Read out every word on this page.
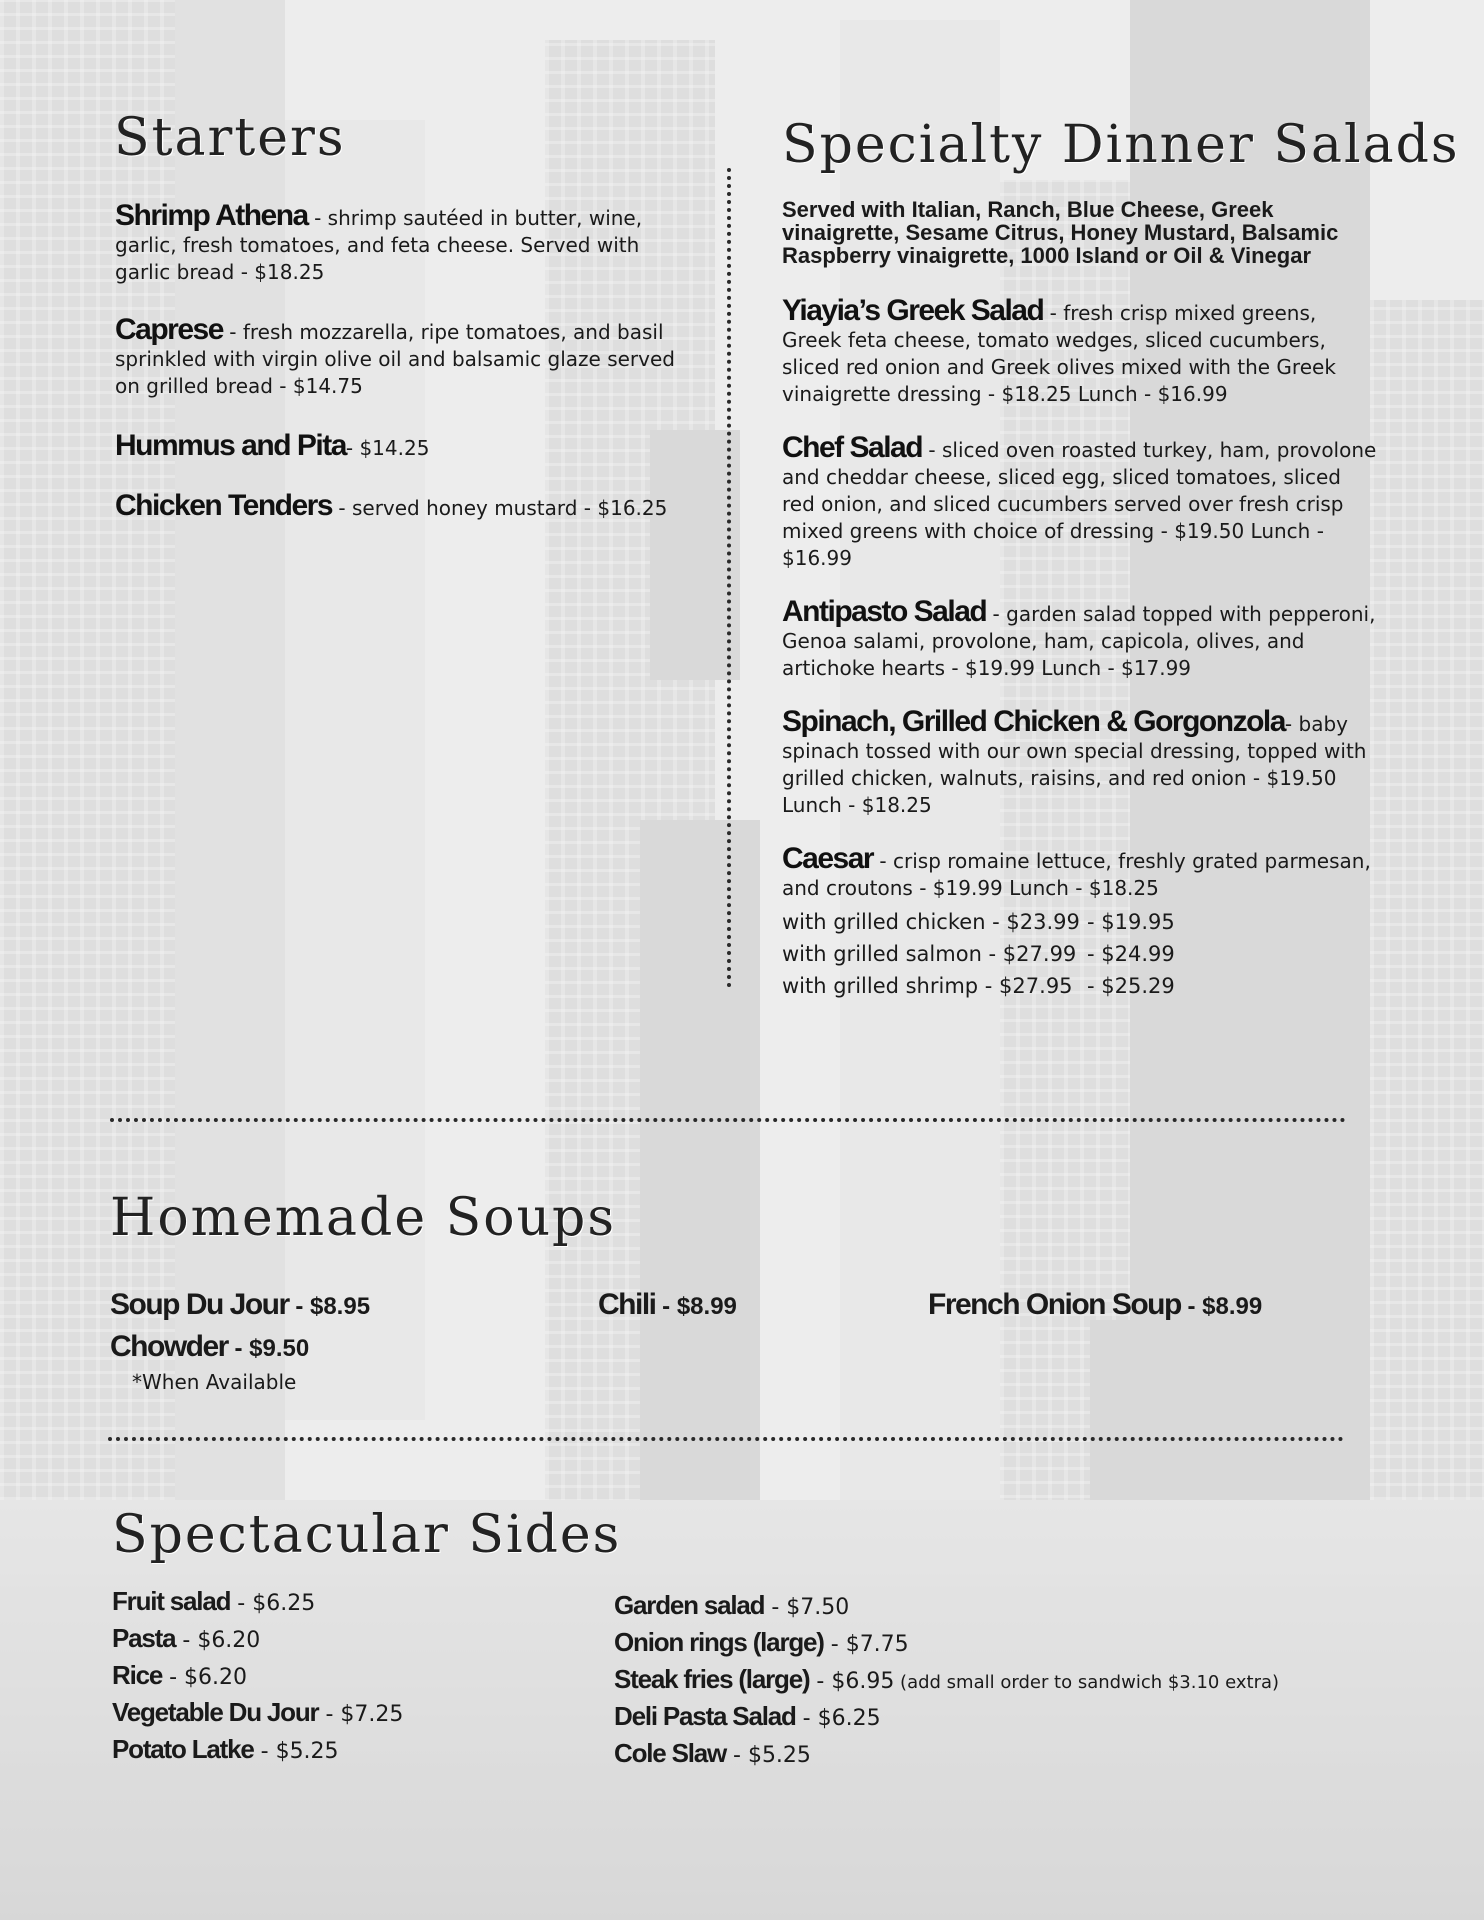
Starters

Shrimp Athena - shrimp sautéed in butter, wine, garlic, fresh tomatoes, and feta cheese. Served with garlic bread - $18.25

Caprese - fresh mozzarella, ripe tomatoes, and basil sprinkled with virgin olive oil and balsamic glaze served on grilled bread - $14.75

Hummus and Pita- $14.25

Chicken Tenders - served honey mustard - $16.25

Specialty Dinner Salads

Served with Italian, Ranch, Blue Cheese, Greek vinaigrette, Sesame Citrus, Honey Mustard, Balsamic Raspberry vinaigrette, 1000 Island or Oil & Vinegar

Yiayia’s Greek Salad - fresh crisp mixed greens, Greek feta cheese, tomato wedges, sliced cucumbers, sliced red onion and Greek olives mixed with the Greek vinaigrette dressing - $18.25 Lunch - $16.99

Chef Salad - sliced oven roasted turkey, ham, provolone and cheddar cheese, sliced egg, sliced tomatoes, sliced red onion, and sliced cucumbers served over fresh crisp mixed greens with choice of dressing - $19.50 Lunch - $16.99

Antipasto Salad - garden salad topped with pepperoni, Genoa salami, provolone, ham, capicola, olives, and artichoke hearts - $19.99 Lunch - $17.99

Spinach, Grilled Chicken & Gorgonzola- baby spinach tossed with our own special dressing, topped with grilled chicken, walnuts, raisins, and red onion - $19.50 Lunch - $18.25

Caesar - crisp romaine lettuce, freshly grated parmesan, and croutons - $19.99 Lunch - $18.25

with grilled chicken - $23.99 - $19.95
with grilled salmon - $27.99 - $24.99
with grilled shrimp - $27.95 - $25.29
Homemade Soups
Soup Du Jour - $8.95
Chowder - $9.50
*When Available
Chili - $8.99	French Onion Soup - $8.99
Spectacular Sides
Fruit salad - $6.25
Pasta - $6.20
Rice - $6.20
Vegetable Du Jour - $7.25
Potato Latke - $5.25
Garden salad - $7.50
Onion rings (large) - $7.75
Steak fries (large) - $6.95 (add small order to sandwich $3.10 extra)
Deli Pasta Salad - $6.25
Cole Slaw - $5.25
